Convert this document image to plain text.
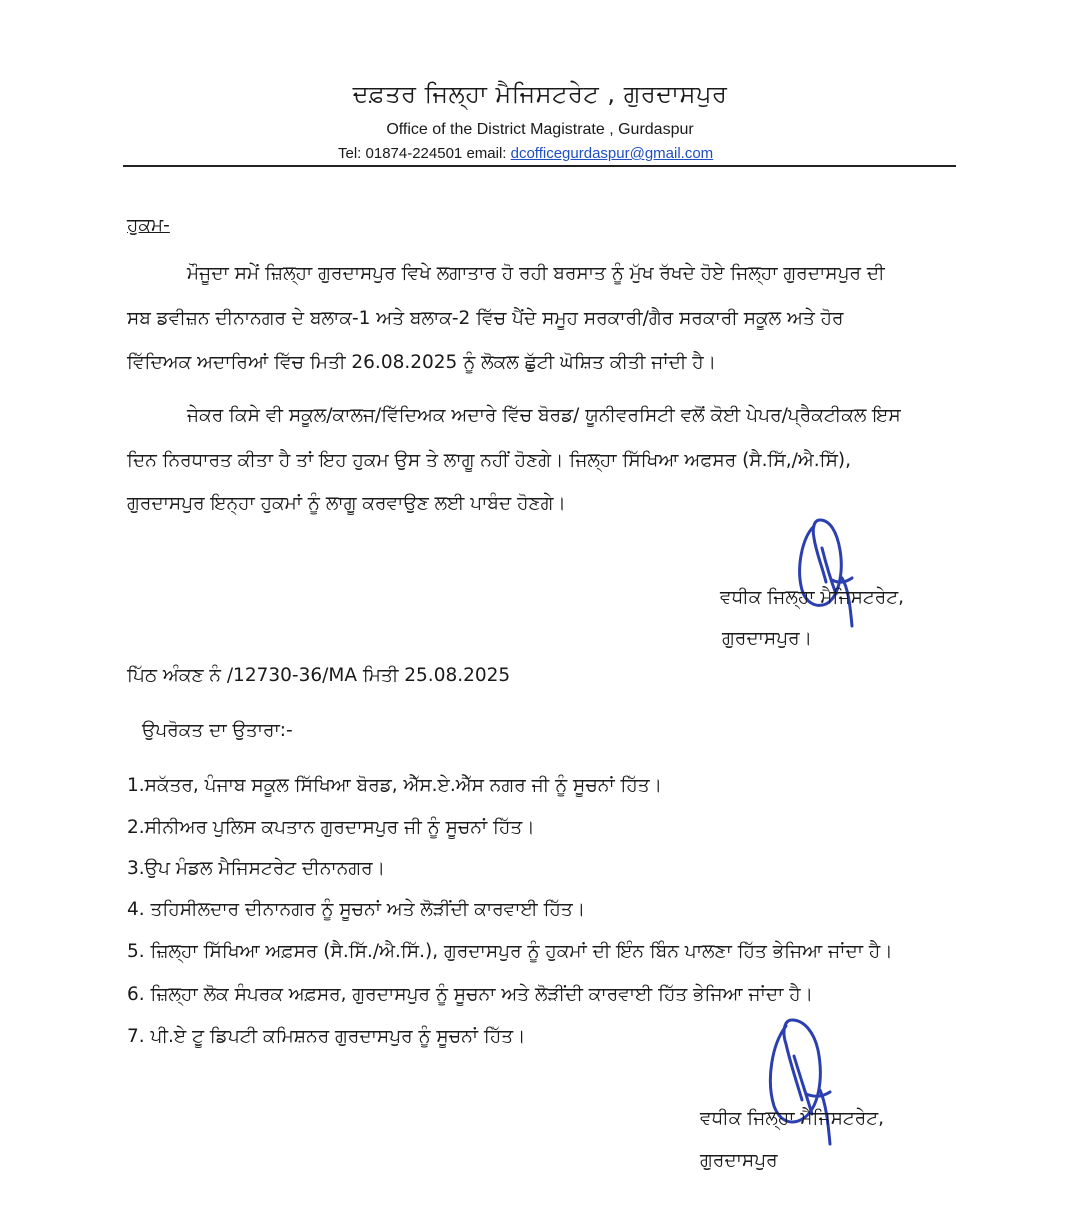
ਦਫ਼ਤਰ ਜਿਲ੍ਹਾ ਮੈਜਿਸਟਰੇਟ , ਗੁਰਦਾਸਪੁਰ
Office of the District Magistrate , Gurdaspur
Tel: 01874-224501 email: dcofficegurdaspur@gmail.com
ਹੁਕਮ-
ਮੌਜੂਦਾ ਸਮੇਂ ਜ਼ਿਲ੍ਹਾ ਗੁਰਦਾਸਪੁਰ ਵਿਖੇ ਲਗਾਤਾਰ ਹੋ ਰਹੀ ਬਰਸਾਤ ਨੂੰ ਮੁੱਖ ਰੱਖਦੇ ਹੋਏ ਜਿਲ੍ਹਾ ਗੁਰਦਾਸਪੁਰ ਦੀ
ਸਬ ਡਵੀਜ਼ਨ ਦੀਨਾਨਗਰ ਦੇ ਬਲਾਕ-1 ਅਤੇ ਬਲਾਕ-2 ਵਿੱਚ ਪੈਂਦੇ ਸਮੂਹ ਸਰਕਾਰੀ/ਗੈਰ ਸਰਕਾਰੀ ਸਕੂਲ ਅਤੇ ਹੋਰ
ਵਿੱਦਿਅਕ ਅਦਾਰਿਆਂ ਵਿੱਚ ਮਿਤੀ 26.08.2025 ਨੂੰ ਲੋਕਲ ਛੁੱਟੀ ਘੋਸ਼ਿਤ ਕੀਤੀ ਜਾਂਦੀ ਹੈ।
ਜੇਕਰ ਕਿਸੇ ਵੀ ਸਕੂਲ/ਕਾਲਜ/ਵਿੱਦਿਅਕ ਅਦਾਰੇ ਵਿੱਚ ਬੋਰਡ/ ਯੂਨੀਵਰਸਿਟੀ ਵਲੋਂ ਕੋਈ ਪੇਪਰ/ਪ੍ਰੈਕਟੀਕਲ ਇਸ
ਦਿਨ ਨਿਰਧਾਰਤ ਕੀਤਾ ਹੈ ਤਾਂ ਇਹ ਹੁਕਮ ਉਸ ਤੇ ਲਾਗੂ ਨਹੀਂ ਹੋਣਗੇ। ਜਿਲ੍ਹਾ ਸਿੱਖਿਆ ਅਫਸਰ (ਸੈ.ਸਿੱ,/ਐ.ਸਿੱ),
ਗੁਰਦਾਸਪੁਰ ਇਨ੍ਹਾ ਹੁਕਮਾਂ ਨੂੰ ਲਾਗੂ ਕਰਵਾਉਣ ਲਈ ਪਾਬੰਦ ਹੋਣਗੇ।
ਵਧੀਕ ਜਿਲ੍ਹਾ ਮੈਜਿਸਟਰੇਟ,
ਗੁਰਦਾਸਪੁਰ।
ਪਿੱਠ ਅੰਕਣ ਨੰ /12730-36/MA ਮਿਤੀ 25.08.2025
ਉਪਰੋਕਤ ਦਾ ਉਤਾਰਾ:-
1.ਸਕੱਤਰ, ਪੰਜਾਬ ਸਕੂਲ ਸਿੱਖਿਆ ਬੋਰਡ, ਐੱਸ.ਏ.ਐੱਸ ਨਗਰ ਜੀ ਨੂੰ ਸੂਚਨਾਂ ਹਿੱਤ।
2.ਸੀਨੀਅਰ ਪੁਲਿਸ ਕਪਤਾਨ ਗੁਰਦਾਸਪੁਰ ਜੀ ਨੂੰ ਸੂਚਨਾਂ ਹਿੱਤ।
3.ਉਪ ਮੰਡਲ ਮੈਜਿਸਟਰੇਟ ਦੀਨਾਨਗਰ।
4. ਤਹਿਸੀਲਦਾਰ ਦੀਨਾਨਗਰ ਨੂੰ ਸੂਚਨਾਂ ਅਤੇ ਲੋੜੀਂਦੀ ਕਾਰਵਾਈ ਹਿੱਤ।
5. ਜ਼ਿਲ੍ਹਾ ਸਿੱਖਿਆ ਅਫ਼ਸਰ (ਸੈ.ਸਿੱ./ਐ.ਸਿੱ.), ਗੁਰਦਾਸਪੁਰ ਨੂੰ ਹੁਕਮਾਂ ਦੀ ਇੰਨ ਬਿੰਨ ਪਾਲਣਾ ਹਿੱਤ ਭੇਜਿਆ ਜਾਂਦਾ ਹੈ।
6. ਜ਼ਿਲ੍ਹਾ ਲੋਕ ਸੰਪਰਕ ਅਫ਼ਸਰ, ਗੁਰਦਾਸਪੁਰ ਨੂੰ ਸੂਚਨਾ ਅਤੇ ਲੋੜੀਂਦੀ ਕਾਰਵਾਈ ਹਿੱਤ ਭੇਜਿਆ ਜਾਂਦਾ ਹੈ।
7. ਪੀ.ਏ ਟੂ ਡਿਪਟੀ ਕਮਿਸ਼ਨਰ ਗੁਰਦਾਸਪੁਰ ਨੂੰ ਸੂਚਨਾਂ ਹਿੱਤ।
ਵਧੀਕ ਜਿਲ੍ਹਾ ਮੈਜਿਸਟਰੇਟ,
ਗੁਰਦਾਸਪੁਰ
